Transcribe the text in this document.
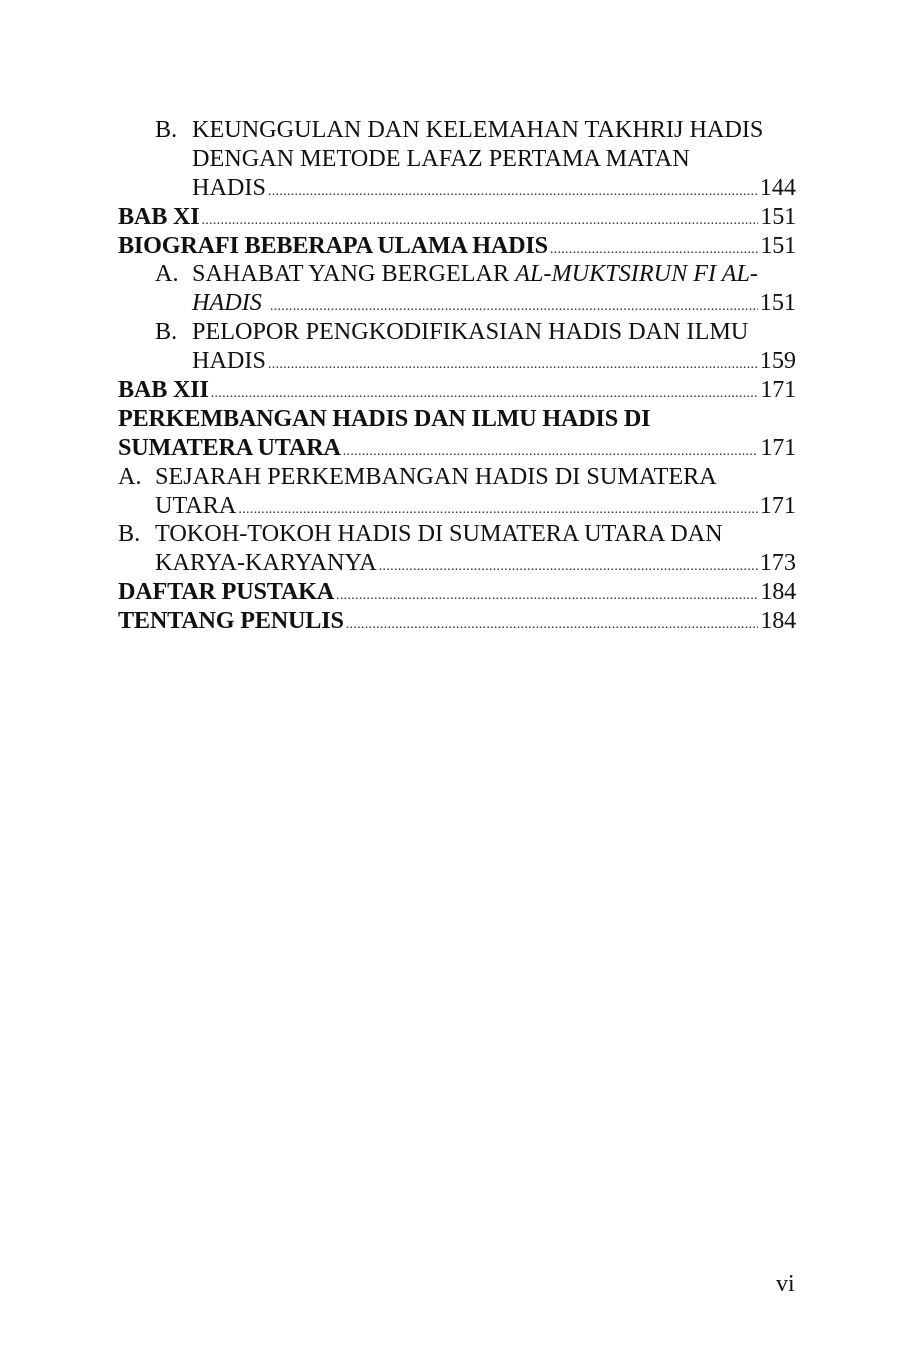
B. KEUNGGULAN DAN KELEMAHAN TAKHRIJ HADIS
DENGAN METODE LAFAZ PERTAMA MATAN
HADIS . . .	144
BAB XI . . .	151
BIOGRAFI BEBERAPA ULAMA HADIS . . .	151
A. SAHABAT YANG BERGELAR AL-MUKTSIRUN FI AL-
HADIS . . .	151
B. PELOPOR PENGKODIFIKASIAN HADIS DAN ILMU
HADIS . . .	159
BAB XII . . .	171
PERKEMBANGAN HADIS DAN ILMU HADIS DI
SUMATERA UTARA . . .	171
A. SEJARAH PERKEMBANGAN HADIS DI SUMATERA
UTARA . . .	171
B. TOKOH-TOKOH HADIS DI SUMATERA UTARA DAN
KARYA-KARYANYA . . .	173
DAFTAR PUSTAKA . . .	184
TENTANG PENULIS . . .	184
vi
